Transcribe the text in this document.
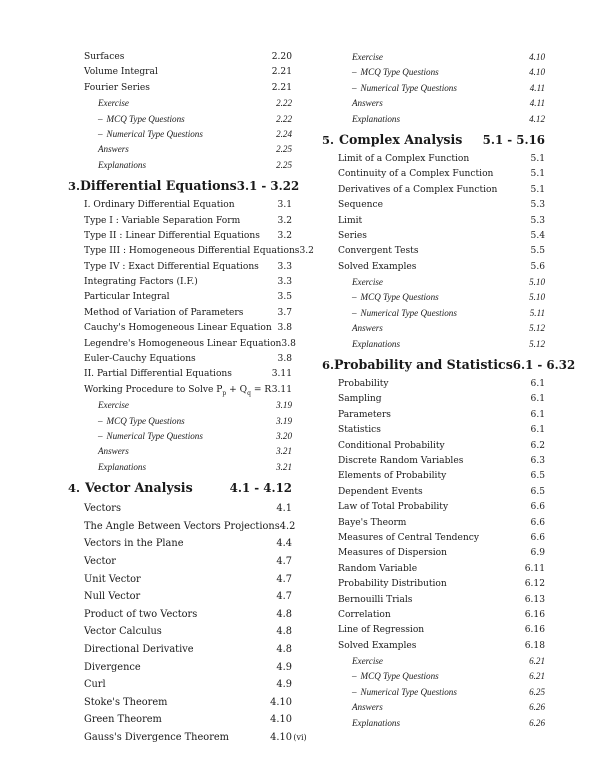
Surfaces	2.20
Volume Integral	2.21
Fourier Series	2.21
Exercise	2.22
– MCQ Type Questions	2.22
– Numerical Type Questions	2.24
Answers	2.25
Explanations	2.25
3. Differential Equations 3.1 - 3.22
I. Ordinary Differential Equation	3.1
Type I : Variable Separation Form	3.2
Type II : Linear Differential Equations 3.2
Type III : Homogeneous Differential Equations 3.2
Type IV : Exact Differential Equations 3.3
Integrating Factors (I.F.)	3.3
Particular Integral	3.5
Method of Variation of Parameters	3.7
Cauchy's Homogeneous Linear Equation 3.8
Legendre's Homogeneous Linear Equation 3.8
Euler-Cauchy Equations	3.8
II. Partial Differential Equations	3.11
Working Procedure to Solve $P_p + Q_q = R$ 3.11
Exercise	3.19
– MCQ Type Questions	3.19
– Numerical Type Questions	3.20
Answers	3.21
Explanations	3.21
4. Vector Analysis	4.1 - 4.12
Vectors	4.1
The Angle Between Vectors Projections 4.2
Vectors in the Plane	4.4
Vector	4.7
Unit Vector	4.7
Null Vector	4.7
Product of two Vectors	4.8
Vector Calculus	4.8
Directional Derivative	4.8
Divergence	4.9
Curl	4.9
Stoke's Theorem	4.10
Green Theorem	4.10
Gauss's Divergence Theorem	4.10
Exercise	4.10
– MCQ Type Questions	4.10
– Numerical Type Questions	4.11
Answers	4.11
Explanations	4.12
5. Complex Analysis	5.1 - 5.16
Limit of a Complex Function	5.1
Continuity of a Complex Function	5.1
Derivatives of a Complex Function	5.1
Sequence	5.3
Limit	5.3
Series	5.4
Convergent Tests	5.5
Solved Examples	5.6
Exercise	5.10
– MCQ Type Questions	5.10
– Numerical Type Questions	5.11
Answers	5.12
Explanations	5.12
6. Probability and Statistics 6.1 - 6.32
Probability	6.1
Sampling	6.1
Parameters	6.1
Statistics	6.1
Conditional Probability	6.2
Discrete Random Variables	6.3
Elements of Probability	6.5
Dependent Events	6.5
Law of Total Probability	6.6
Baye's Theorm	6.6
Measures of Central Tendency	6.6
Measures of Dispersion	6.9
Random Variable	6.11
Probability Distribution	6.12
Bernouilli Trials	6.13
Correlation	6.16
Line of Regression	6.16
Solved Examples	6.18
Exercise	6.21
– MCQ Type Questions	6.21
– Numerical Type Questions	6.25
Answers	6.26
Explanations	6.26
(vi)
